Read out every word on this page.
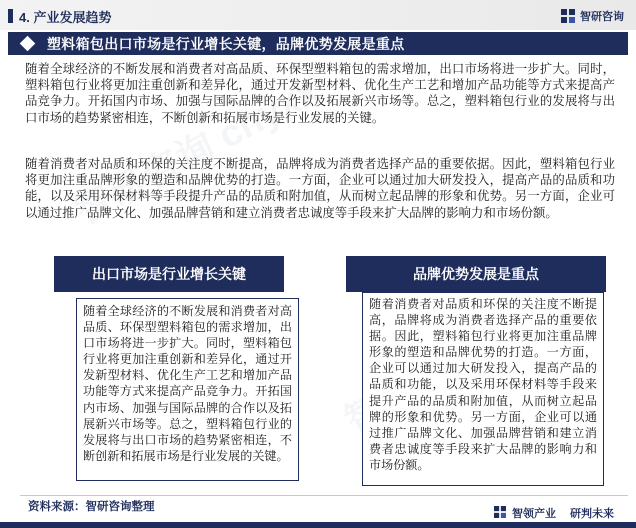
4. 产业发展趋势	智研咨询
塑料箱包出口市场是行业增长关键，品牌优势发展是重点

随着全球经济的不断发展和消费者对高品质、环保型塑料箱包的需求增加，出口市场将进一步扩大。同时，塑料箱包行业将更加注重创新和差异化，通过开发新型材料、优化生产工艺和增加产品功能等方式来提高产品竞争力。开拓国内市场、加强与国际品牌的合作以及拓展新兴市场等。总之，塑料箱包行业的发展将与出口市场的趋势紧密相连，不断创新和拓展市场是行业发展的关键。

随着消费者对品质和环保的关注度不断提高，品牌将成为消费者选择产品的重要依据。因此，塑料箱包行业将更加注重品牌形象的塑造和品牌优势的打造。一方面，企业可以通过加大研发投入，提高产品的品质和功能，以及采用环保材料等手段提升产品的品质和附加值，从而树立起品牌的形象和优势。另一方面，企业可以通过推广品牌文化、加强品牌营销和建立消费者忠诚度等手段来扩大品牌的影响力和市场份额。

出口市场是行业增长关键
随着全球经济的不断发展和消费者对高品质、环保型塑料箱包的需求增加，出口市场将进一步扩大。同时，塑料箱包行业将更加注重创新和差异化，通过开发新型材料、优化生产工艺和增加产品功能等方式来提高产品竞争力。开拓国内市场、加强与国际品牌的合作以及拓展新兴市场等。总之，塑料箱包行业的发展将与出口市场的趋势紧密相连，不断创新和拓展市场是行业发展的关键。
品牌优势发展是重点
随着消费者对品质和环保的关注度不断提高，品牌将成为消费者选择产品的重要依据。因此，塑料箱包行业将更加注重品牌形象的塑造和品牌优势的打造。一方面，企业可以通过加大研发投入，提高产品的品质和功能，以及采用环保材料等手段来提升产品的品质和附加值，从而树立起品牌的形象和优势。另一方面，企业可以通过推广品牌文化、加强品牌营销和建立消费者忠诚度等手段来扩大品牌的影响力和市场份额。
资料来源：智研咨询整理
智领产业 研判未来
